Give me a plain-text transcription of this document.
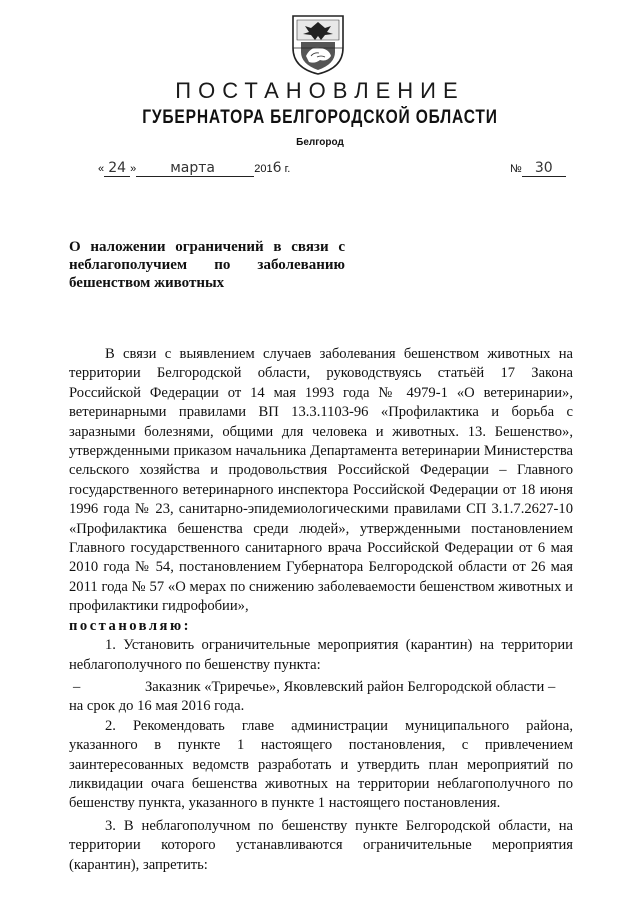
ПОСТАНОВЛЕНИЕ
ГУБЕРНАТОРА БЕЛГОРОДСКОЙ ОБЛАСТИ
Белгород
« 24 » марта	2016 г.	№ 30
О наложении ограничений в связи с
неблагополучием по заболеванию
бешенством животных
В связи с выявлением случаев заболевания бешенством животных на территории Белгородской области, руководствуясь статьёй 17 Закона Российской Федерации от 14 мая 1993 года № 4979-1 «О ветеринарии», ветеринарными правилами ВП 13.3.1103-96 «Профилактика и борьба с заразными болезнями, общими для человека и животных. 13. Бешенство», утвержденными приказом начальника Департамента ветеринарии Министерства сельского хозяйства и продовольствия Российской Федерации – Главного государственного ветеринарного инспектора Российской Федерации от 18 июня 1996 года № 23, санитарно-эпидемиологическими правилами СП 3.1.7.2627-10 «Профилактика бешенства среди людей», утвержденными постановлением Главного государственного санитарного врача Российской Федерации от 6 мая 2010 года № 54, постановлением Губернатора Белгородской области от 26 мая 2011 года № 57 «О мерах по снижению заболеваемости бешенством животных и профилактики гидрофобии»,
постановляю:
1. Установить ограничительные мероприятия (карантин) на территории неблагополучного по бешенству пункта:
–	Заказник «Триречье», Яковлевский район Белгородской области –
на срок до 16 мая 2016 года.
2. Рекомендовать главе администрации муниципального района, указанного в пункте 1 настоящего постановления, с привлечением заинтересованных ведомств разработать и утвердить план мероприятий по ликвидации очага бешенства животных на территории неблагополучного по бешенству пункта, указанного в пункте 1 настоящего постановления.
3. В неблагополучном по бешенству пункте Белгородской области, на территории которого устанавливаются ограничительные мероприятия (карантин), запретить:
